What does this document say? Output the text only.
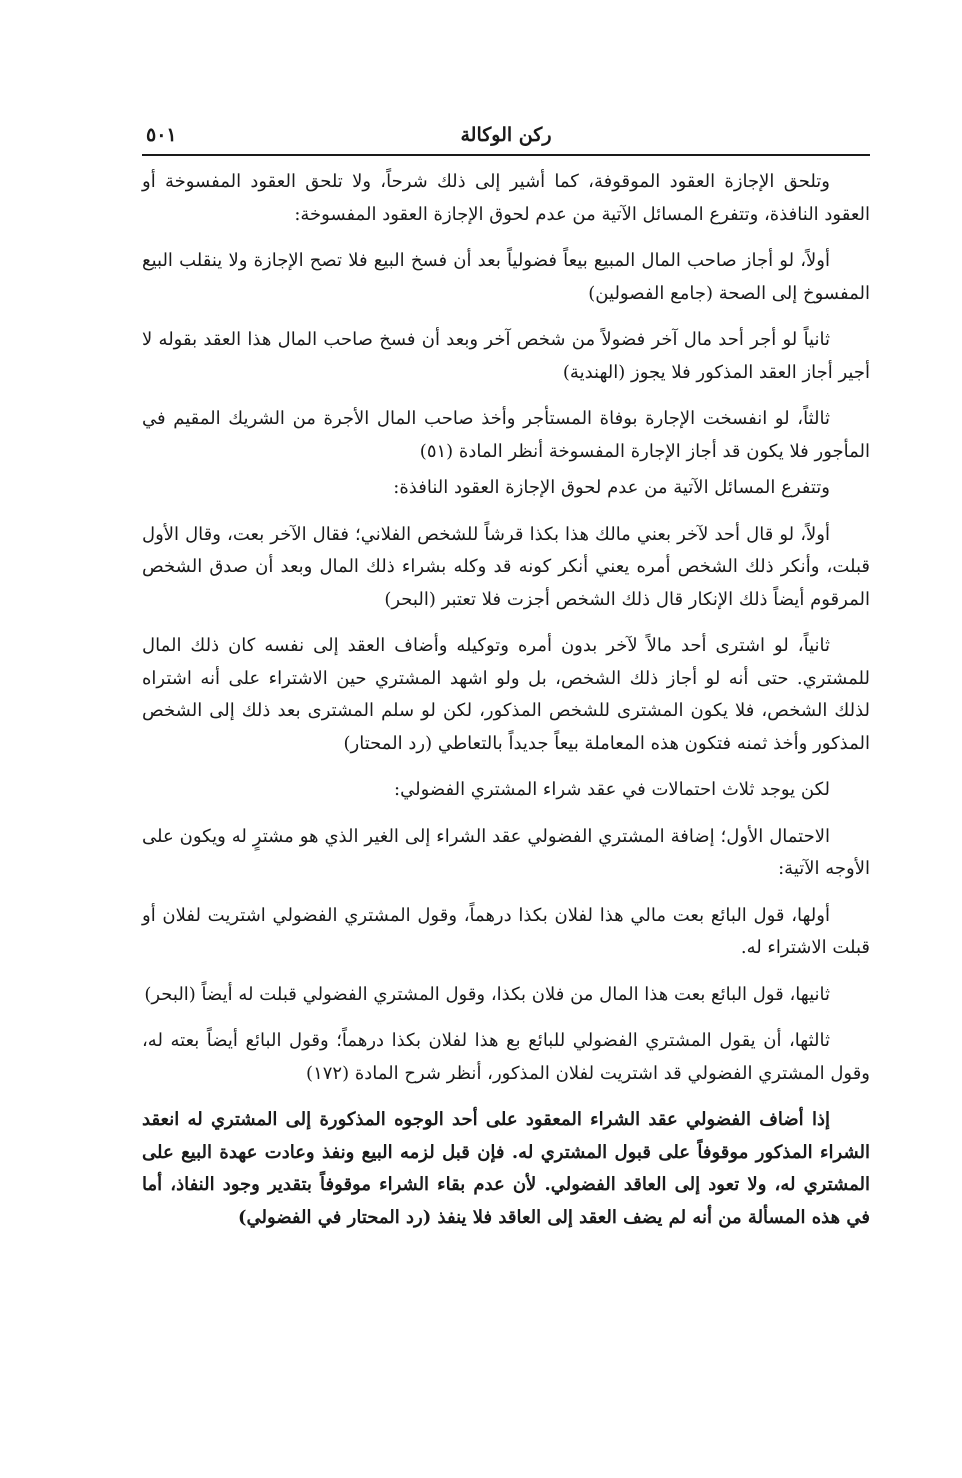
ركن الوكالة
٥٠١

وتلحق الإجازة العقود الموقوفة، كما أشير إلى ذلك شرحاً، ولا تلحق العقود المفسوخة أو العقود النافذة، وتتفرع المسائل الآتية من عدم لحوق الإجازة العقود المفسوخة:

أولاً، لو أجاز صاحب المال المبيع بيعاً فضولياً بعد أن فسخ البيع فلا تصح الإجازة ولا ينقلب البيع المفسوخ إلى الصحة (جامع الفصولين)

ثانياً لو أجر أحد مال آخر فضولاً من شخص آخر وبعد أن فسخ صاحب المال هذا العقد بقوله لا أجير أجاز العقد المذكور فلا يجوز (الهندية)

ثالثاً، لو انفسخت الإجارة بوفاة المستأجر وأخذ صاحب المال الأجرة من الشريك المقيم في المأجور فلا يكون قد أجاز الإجارة المفسوخة أنظر المادة (٥١)

وتتفرع المسائل الآتية من عدم لحوق الإجازة العقود النافذة:

أولاً، لو قال أحد لآخر بعني مالك هذا بكذا قرشاً للشخص الفلاني؛ فقال الآخر بعت، وقال الأول قبلت، وأنكر ذلك الشخص أمره يعني أنكر كونه قد وكله بشراء ذلك المال وبعد أن صدق الشخص المرقوم أيضاً ذلك الإنكار قال ذلك الشخص أجزت فلا تعتبر (البحر)

ثانياً، لو اشترى أحد مالاً لآخر بدون أمره وتوكيله وأضاف العقد إلى نفسه كان ذلك المال للمشتري. حتى أنه لو أجاز ذلك الشخص، بل ولو اشهد المشتري حين الاشتراء على أنه اشتراه لذلك الشخص، فلا يكون المشترى للشخص المذكور، لكن لو سلم المشترى بعد ذلك إلى الشخص المذكور وأخذ ثمنه فتكون هذه المعاملة بيعاً جديداً بالتعاطي (رد المحتار)

لكن يوجد ثلاث احتمالات في عقد شراء المشتري الفضولي:

الاحتمال الأول؛ إضافة المشتري الفضولي عقد الشراء إلى الغير الذي هو مشترٍ له ويكون على الأوجه الآتية:

أولها، قول البائع بعت مالي هذا لفلان بكذا درهماً، وقول المشتري الفضولي اشتريت لفلان أو قبلت الاشتراء له.

ثانيها، قول البائع بعت هذا المال من فلان بكذا، وقول المشتري الفضولي قبلت له أيضاً (البحر)

ثالثها، أن يقول المشتري الفضولي للبائع بع هذا لفلان بكذا درهماً؛ وقول البائع أيضاً بعته له، وقول المشتري الفضولي قد اشتريت لفلان المذكور، أنظر شرح المادة (١٧٢)

إذا أضاف الفضولي عقد الشراء المعقود على أحد الوجوه المذكورة إلى المشتري له انعقد الشراء المذكور موقوفاً على قبول المشتري له. فإن قبل لزمه البيع ونفذ وعادت عهدة البيع على المشتري له، ولا تعود إلى العاقد الفضولي. لأن عدم بقاء الشراء موقوفاً بتقدير وجود النفاذ، أما في هذه المسألة من أنه لم يضف العقد إلى العاقد فلا ينفذ (رد المحتار في الفضولي)
